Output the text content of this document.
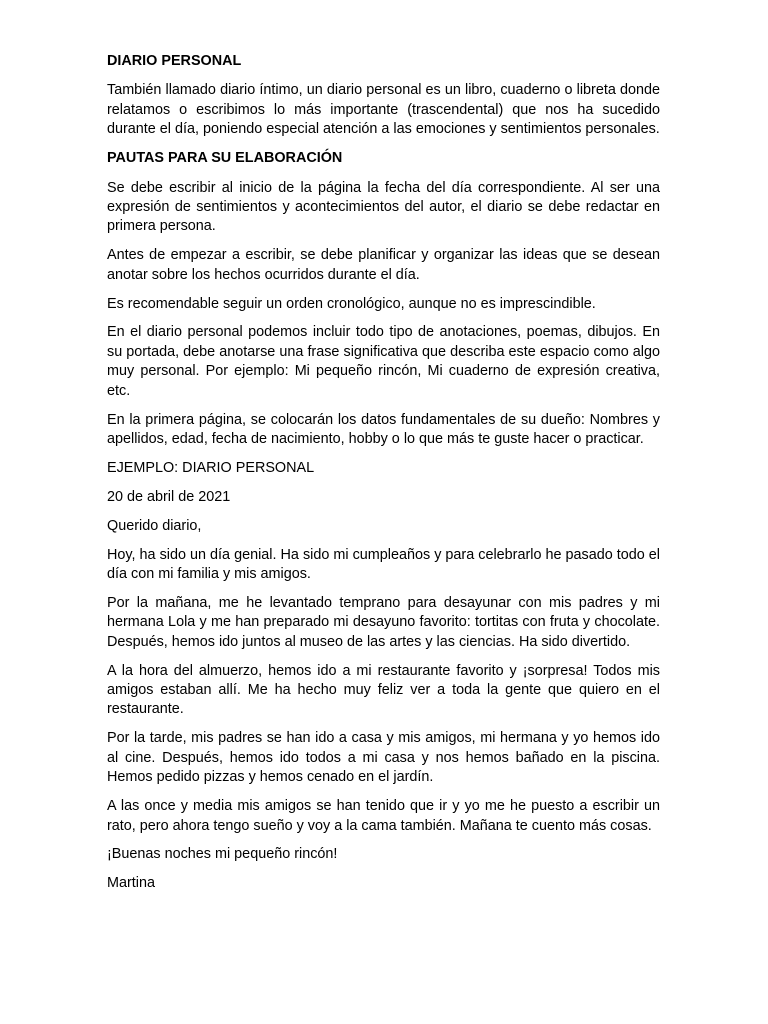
DIARIO PERSONAL

También llamado diario íntimo, un diario personal es un libro, cuaderno o libreta donde relatamos o escribimos lo más importante (trascendental) que nos ha sucedido durante el día, poniendo especial atención a las emociones y sentimientos personales.

PAUTAS PARA SU ELABORACIÓN

Se debe escribir al inicio de la página la fecha del día correspondiente. Al ser una expresión de sentimientos y acontecimientos del autor, el diario se debe redactar en primera persona.

Antes de empezar a escribir, se debe planificar y organizar las ideas que se desean anotar sobre los hechos ocurridos durante el día.

Es recomendable seguir un orden cronológico, aunque no es imprescindible.

En el diario personal podemos incluir todo tipo de anotaciones, poemas, dibujos. En su portada, debe anotarse una frase significativa que describa este espacio como algo muy personal. Por ejemplo: Mi pequeño rincón, Mi cuaderno de expresión creativa, etc.

En la primera página, se colocarán los datos fundamentales de su dueño: Nombres y apellidos, edad, fecha de nacimiento, hobby o lo que más te guste hacer o practicar.

EJEMPLO: DIARIO PERSONAL

20 de abril de 2021

Querido diario,

Hoy, ha sido un día genial. Ha sido mi cumpleaños y para celebrarlo he pasado todo el día con mi familia y mis amigos.

Por la mañana, me he levantado temprano para desayunar con mis padres y mi hermana Lola y me han preparado mi desayuno favorito: tortitas con fruta y chocolate. Después, hemos ido juntos al museo de las artes y las ciencias. Ha sido divertido.

A la hora del almuerzo, hemos ido a mi restaurante favorito y ¡sorpresa! Todos mis amigos estaban allí. Me ha hecho muy feliz ver a toda la gente que quiero en el restaurante.

Por la tarde, mis padres se han ido a casa y mis amigos, mi hermana y yo hemos ido al cine. Después, hemos ido todos a mi casa y nos hemos bañado en la piscina. Hemos pedido pizzas y hemos cenado en el jardín.

A las once y media mis amigos se han tenido que ir y yo me he puesto a escribir un rato, pero ahora tengo sueño y voy a la cama también. Mañana te cuento más cosas.

¡Buenas noches mi pequeño rincón!

Martina
